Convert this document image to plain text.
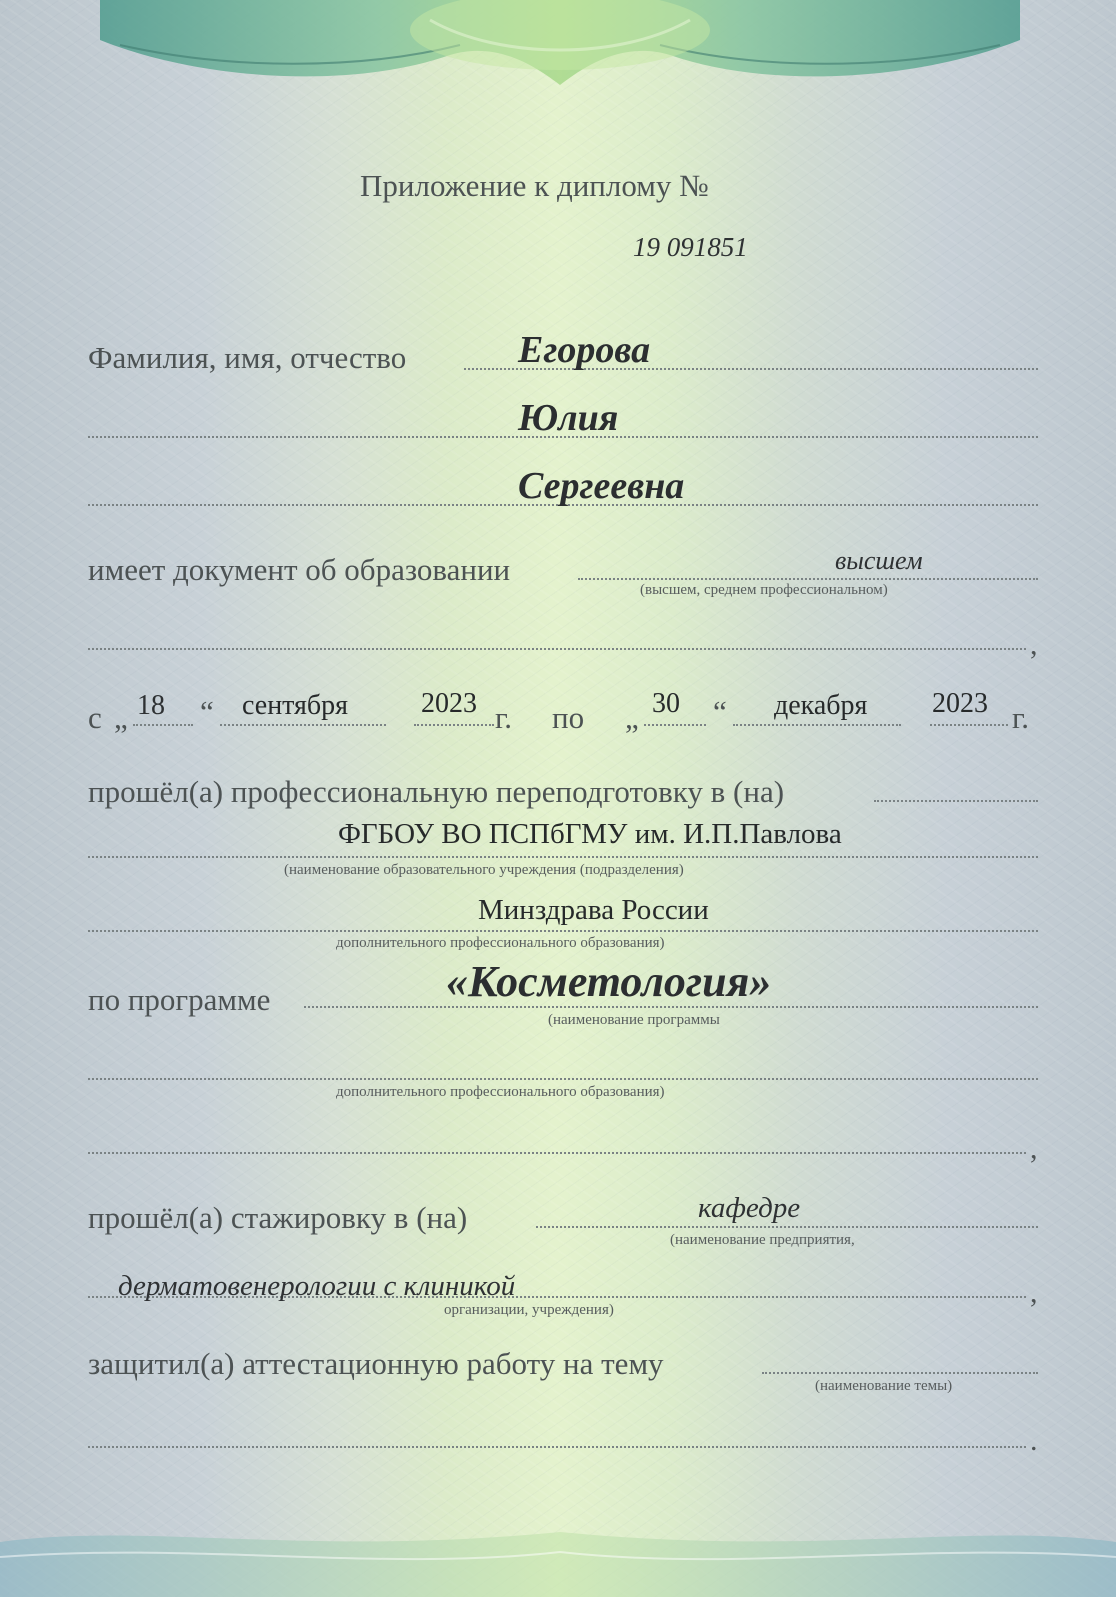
Приложение к диплому №
19 091851
Фамилия, имя, отчество	Егорова
Юлия
Сергеевна
имеет документ об образовании	высшем
(высшем, среднем профессиональном)
,
с „ 18 “ сентября	2023 г. по „ 30 “ декабря 2023 г.
прошёл(а) профессиональную переподготовку в (на)
ФГБОУ ВО ПСПбГМУ им. И.П.Павлова
(наименование образовательного учреждения (подразделения)
Минздрава России
дополнительного профессионального образования)
по программе	«Косметология»
(наименование программы
дополнительного профессионального образования)
,
прошёл(а) стажировку в (на)	кафедре
(наименование предприятия,
дерматовенерологии с клиникой
организации, учреждения)
,
защитил(а) аттестационную работу на тему
(наименование темы)
.
